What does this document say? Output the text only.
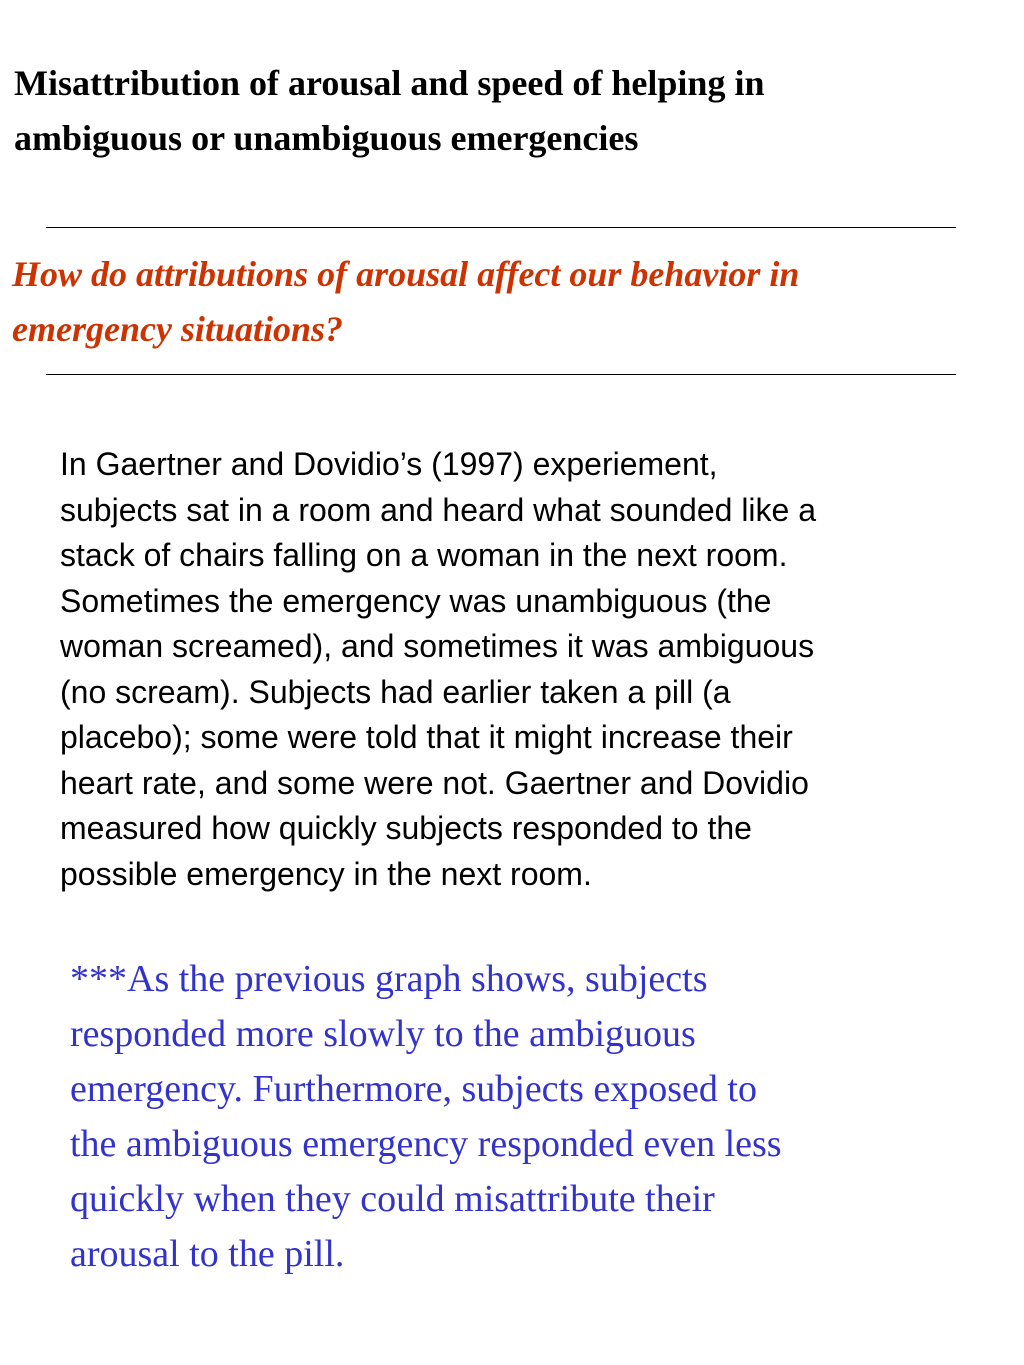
Misattribution of arousal and speed of helping in
ambiguous or unambiguous emergencies

How do attributions of arousal affect our behavior in
emergency situations?

In Gaertner and Dovidio’s (1997) experiement,
subjects sat in a room and heard what sounded like a
stack of chairs falling on a woman in the next room.
Sometimes the emergency was unambiguous (the
woman screamed), and sometimes it was ambiguous
(no scream). Subjects had earlier taken a pill (a
placebo); some were told that it might increase their
heart rate, and some were not. Gaertner and Dovidio
measured how quickly subjects responded to the
possible emergency in the next room.

***As the previous graph shows, subjects
responded more slowly to the ambiguous
emergency. Furthermore, subjects exposed to
the ambiguous emergency responded even less
quickly when they could misattribute their
arousal to the pill.
